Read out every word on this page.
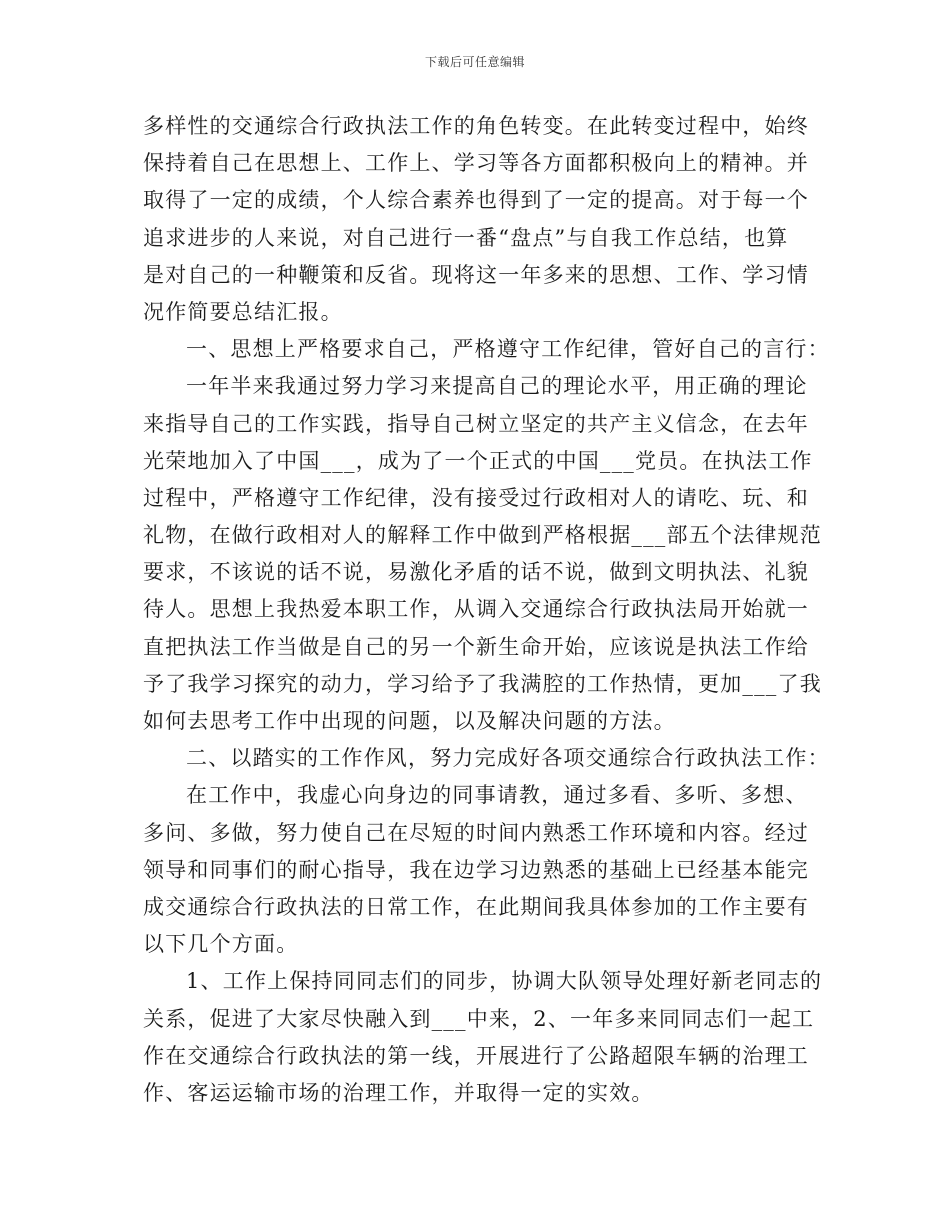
下载后可任意编辑
多样性的交通综合行政执法工作的角色转变。在此转变过程中，始终
保持着自己在思想上、工作上、学习等各方面都积极向上的精神。并
取得了一定的成绩，个人综合素养也得到了一定的提高。对于每一个
追求进步的人来说，对自己进行一番“盘点”与自我工作总结，也算
是对自己的一种鞭策和反省。现将这一年多来的思想、工作、学习情
况作简要总结汇报。
一、思想上严格要求自己，严格遵守工作纪律，管好自己的言行：
一年半来我通过努力学习来提高自己的理论水平，用正确的理论
来指导自己的工作实践，指导自己树立坚定的共产主义信念，在去年
光荣地加入了中国___，成为了一个正式的中国___党员。在执法工作
过程中，严格遵守工作纪律，没有接受过行政相对人的请吃、玩、和
礼物，在做行政相对人的解释工作中做到严格根据___部五个法律规范
要求，不该说的话不说，易激化矛盾的话不说，做到文明执法、礼貌
待人。思想上我热爱本职工作，从调入交通综合行政执法局开始就一
直把执法工作当做是自己的另一个新生命开始，应该说是执法工作给
予了我学习探究的动力，学习给予了我满腔的工作热情，更加___了我
如何去思考工作中出现的问题，以及解决问题的方法。
二、以踏实的工作作风，努力完成好各项交通综合行政执法工作：
在工作中，我虚心向身边的同事请教，通过多看、多听、多想、
多问、多做，努力使自己在尽短的时间内熟悉工作环境和内容。经过
领导和同事们的耐心指导，我在边学习边熟悉的基础上已经基本能完
成交通综合行政执法的日常工作，在此期间我具体参加的工作主要有
以下几个方面。
1、工作上保持同同志们的同步，协调大队领导处理好新老同志的
关系，促进了大家尽快融入到___中来，2、一年多来同同志们一起工
作在交通综合行政执法的第一线，开展进行了公路超限车辆的治理工
作、客运运输市场的治理工作，并取得一定的实效。
